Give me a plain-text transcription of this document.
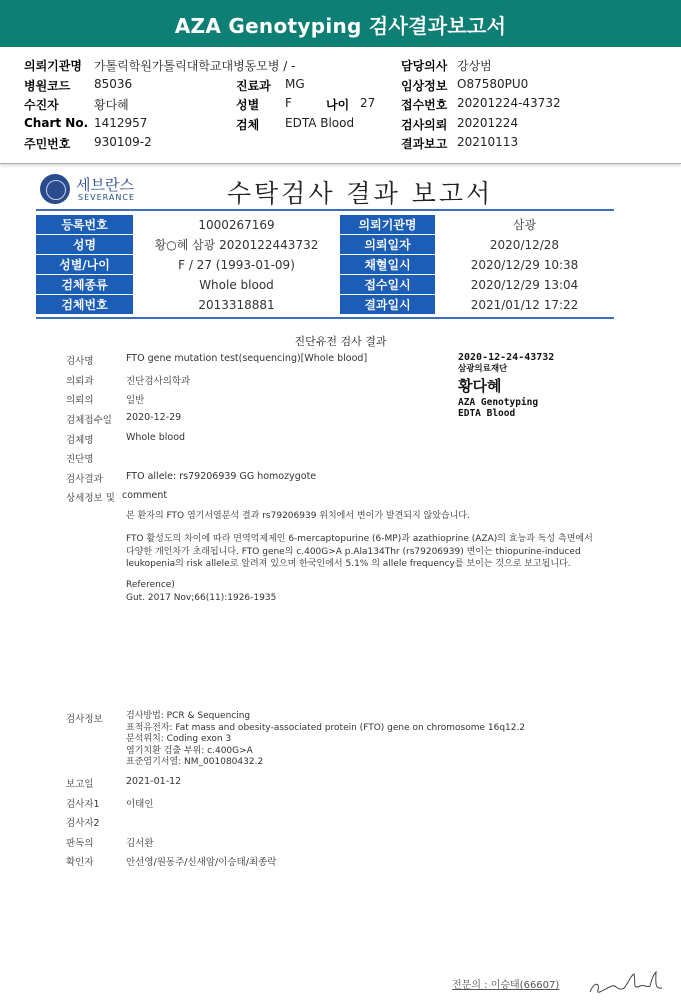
AZA Genotyping 검사결과보고서
의뢰기관명 가톨릭학원가톨릭대학교대병동모병 / -	담당의사 강상범
병원코드 85036	진료과 MG	임상정보 O87580PU0
수진자	황다혜	성별 F	나이 27 접수번호 20201224-43732
Chart No. 1412957	검체 EDTA Blood	검사의뢰 20201224
주민번호 930109-2	결과보고 20210113
세브란스
SEVERANCE	수탁검사 결과 보고서
등록번호	1000267169	의뢰기관명	삼광
성명	황○혜 삼광 2020122443732	의뢰일자	2020/12/28
성별/나이	F / 27 (1993-01-09)	채혈일시	2020/12/29 10:38
검체종류	Whole blood	접수일시	2020/12/29 13:04
검체번호	2013318881	결과일시	2021/01/12 17:22
진단유전 검사 결과
검사명	FTO gene mutation test(sequencing)[Whole blood]
의뢰과	진단검사의학과
의뢰의	일반
검체접수일 2020-12-29
검체명	Whole blood
진단명
검사결과 FTO allele: rs79206939 GG homozygote
상세정보 및 comment
본 환자의 FTO 염기서열분석 결과 rs79206939 위치에서 변이가 발견되지 않았습니다.
FTO 활성도의 차이에 따라 면역억제제인 6-mercaptopurine (6-MP)과 azathioprine (AZA)의 효능과 독성 측면에서 다양한 개인차가 초래됩니다. FTO gene의 c.400G>A p.Ala134Thr (rs79206939) 변이는 thiopurine-induced leukopenia의 risk allele로 알려져 있으며 한국인에서 5.1% 의 allele frequency를 보이는 것으로 보고됩니다.
Reference)
Gut. 2017 Nov;66(11):1926-1935
2020-12-24-43732
삼광의료재단
황다혜
AZA Genotyping
EDTA Blood
검사정보	검사방법: PCR & Sequencing
표적유전자: Fat mass and obesity-associated protein (FTO) gene on chromosome 16q12.2
분석위치: Coding exon 3
염기치환 검출 부위: c.400G>A
표준염기서열: NM_001080432.2
보고일	2021-01-12
검사자1	이태인
검사자2
판독의	김서완
확인자	안선영/원동주/신새암/이승태/최종락
전문의 : 이승태(66607)
